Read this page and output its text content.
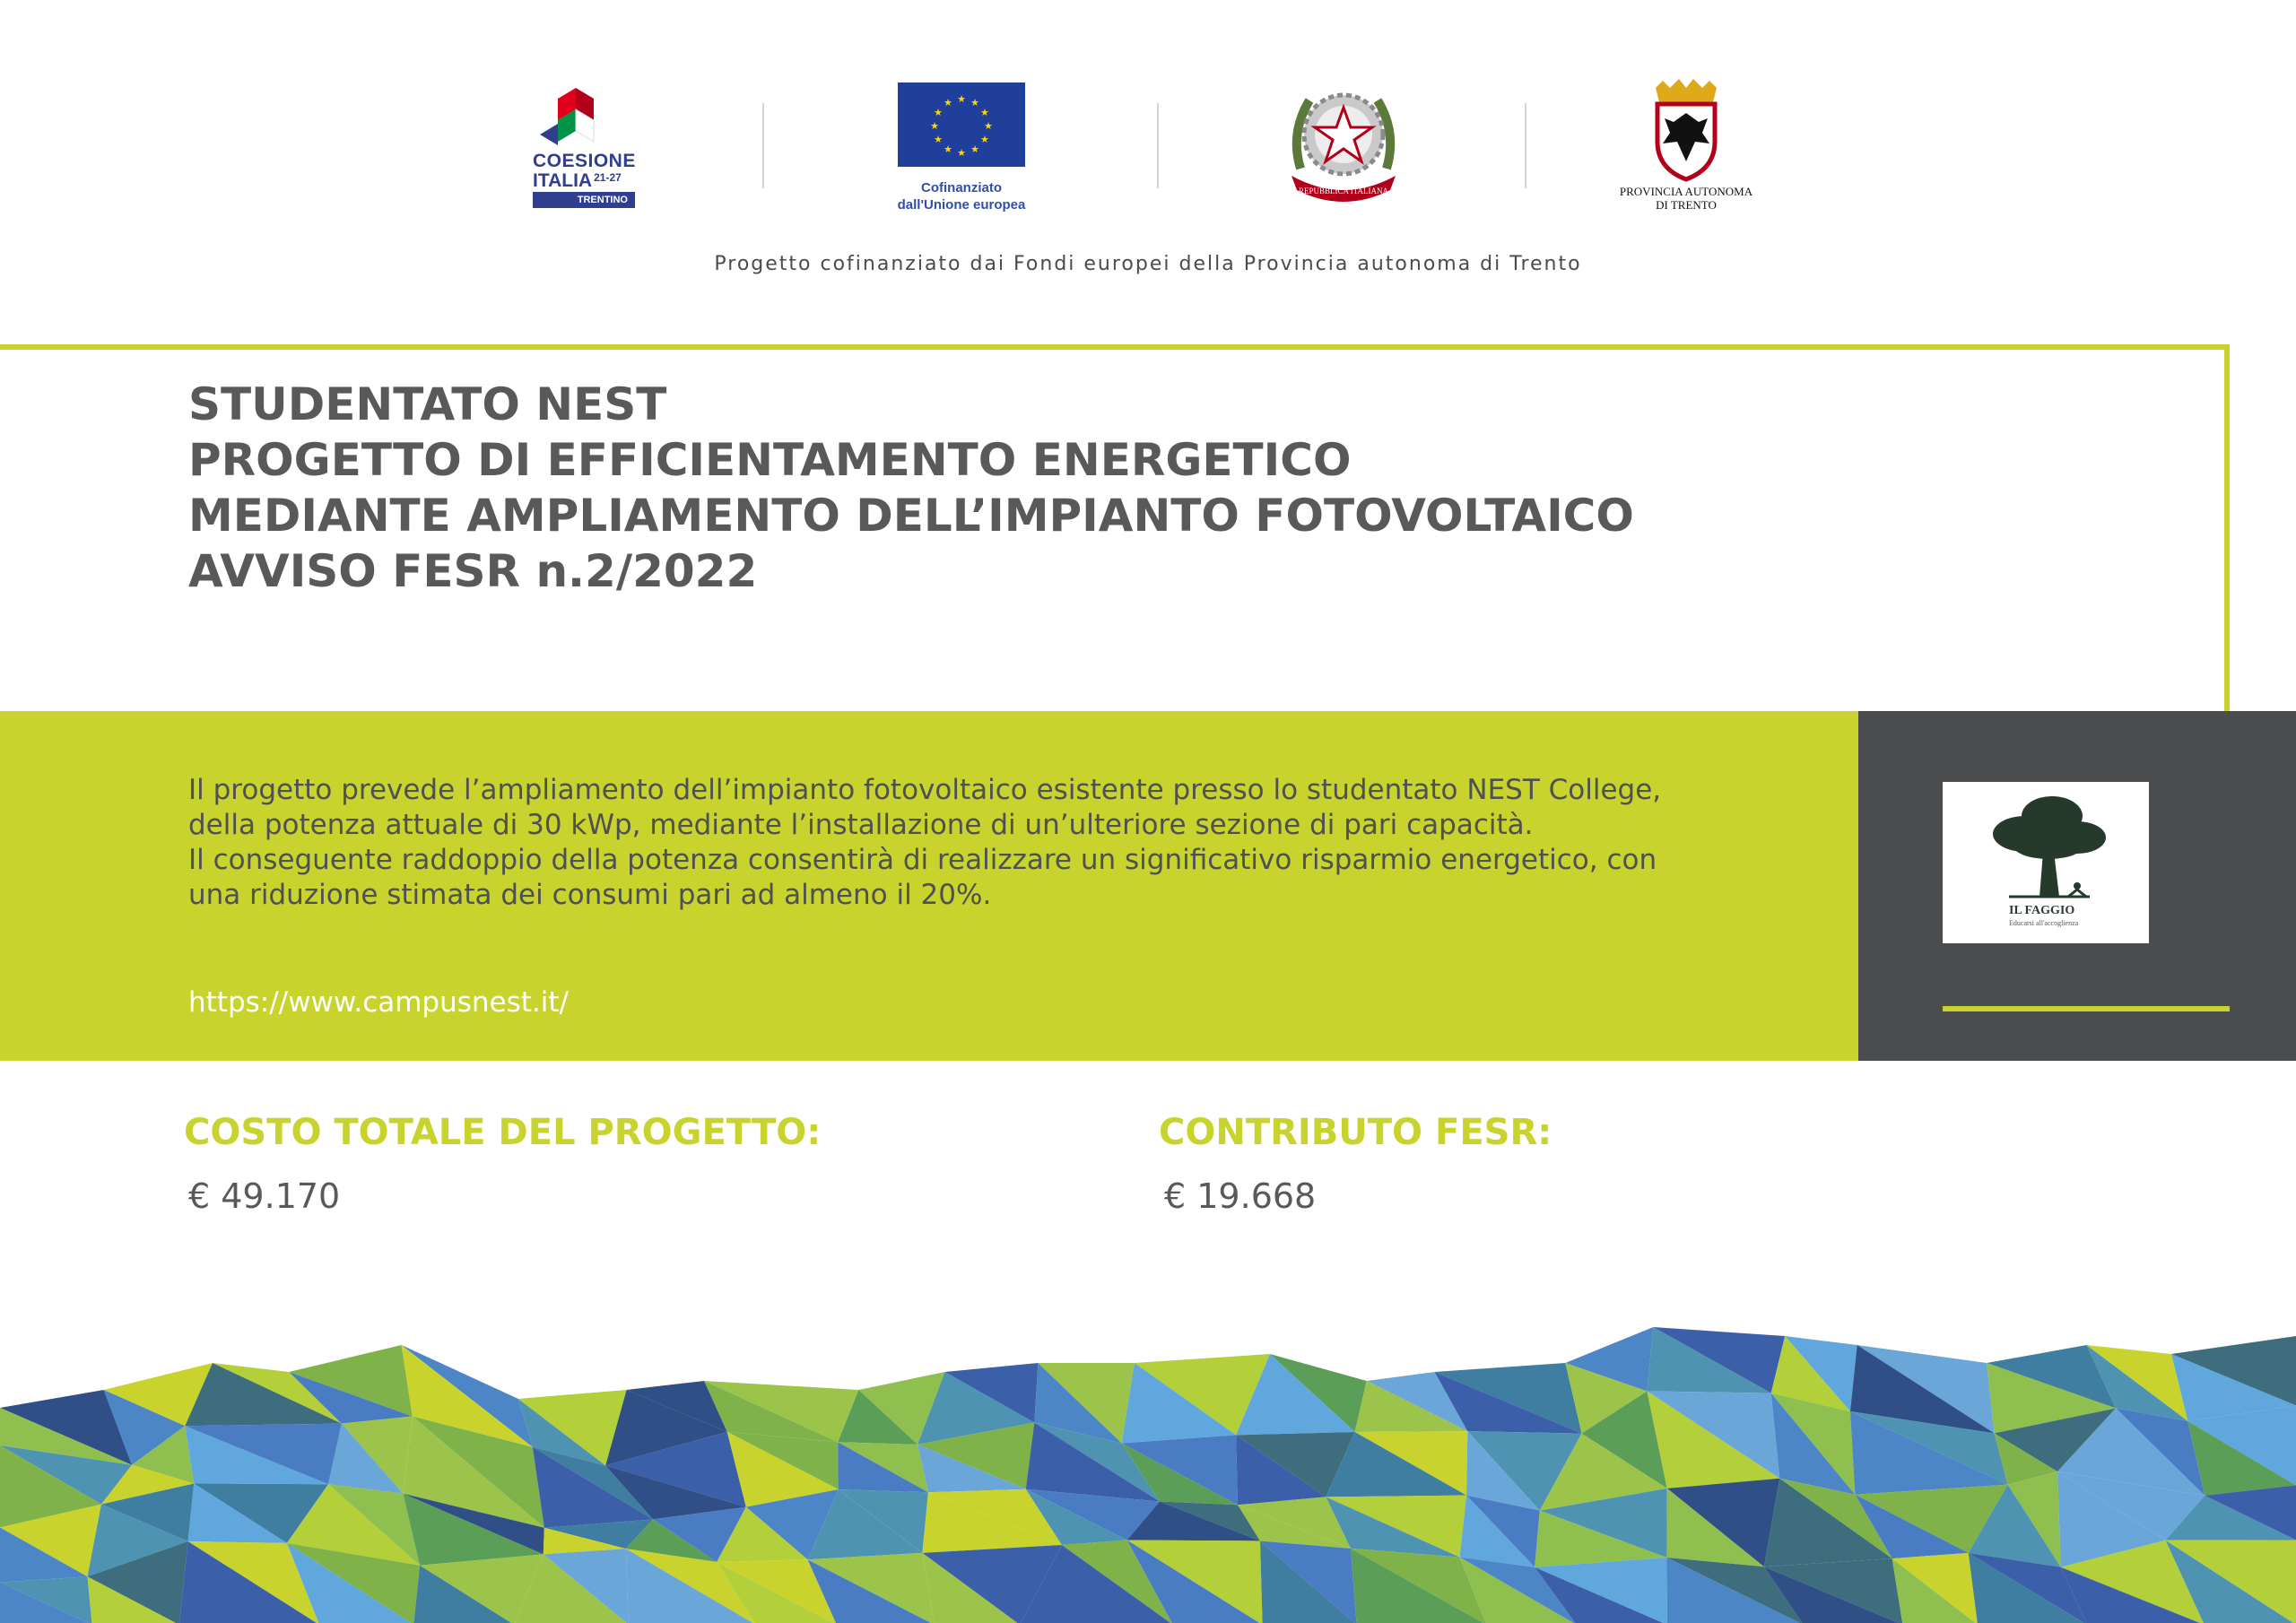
COESIONE
ITALIA $^{21-27}$
TRENTINO
★ ★
★
★
★
★
★
★
★
★
★
★
Cofinanziato
dall'Unione europea
REPUBBLICA ITALIANA	PROVINCIA AUTONOMA
DI TRENTO
Progetto cofinanziato dai Fondi europei della Provincia autonoma di Trento
STUDENTATO NEST
PROGETTO DI EFFICIENTAMENTO ENERGETICO
MEDIANTE AMPLIAMENTO DELL’IMPIANTO FOTOVOLTAICO
AVVISO FESR n.2/2022
Il progetto prevede l’ampliamento dell’impianto fotovoltaico esistente presso lo studentato NEST College,
della potenza attuale di 30 kWp, mediante l’installazione di un’ulteriore sezione di pari capacità.
Il conseguente raddoppio della potenza consentirà di realizzare un significativo risparmio energetico, con
una riduzione stimata dei consumi pari ad almeno il 20%.
https://www.campusnest.it/
IL FAGGIO
Educarsi all'accoglienza
COSTO TOTALE DEL PROGETTO:
€ 49.170
CONTRIBUTO FESR:
€ 19.668
